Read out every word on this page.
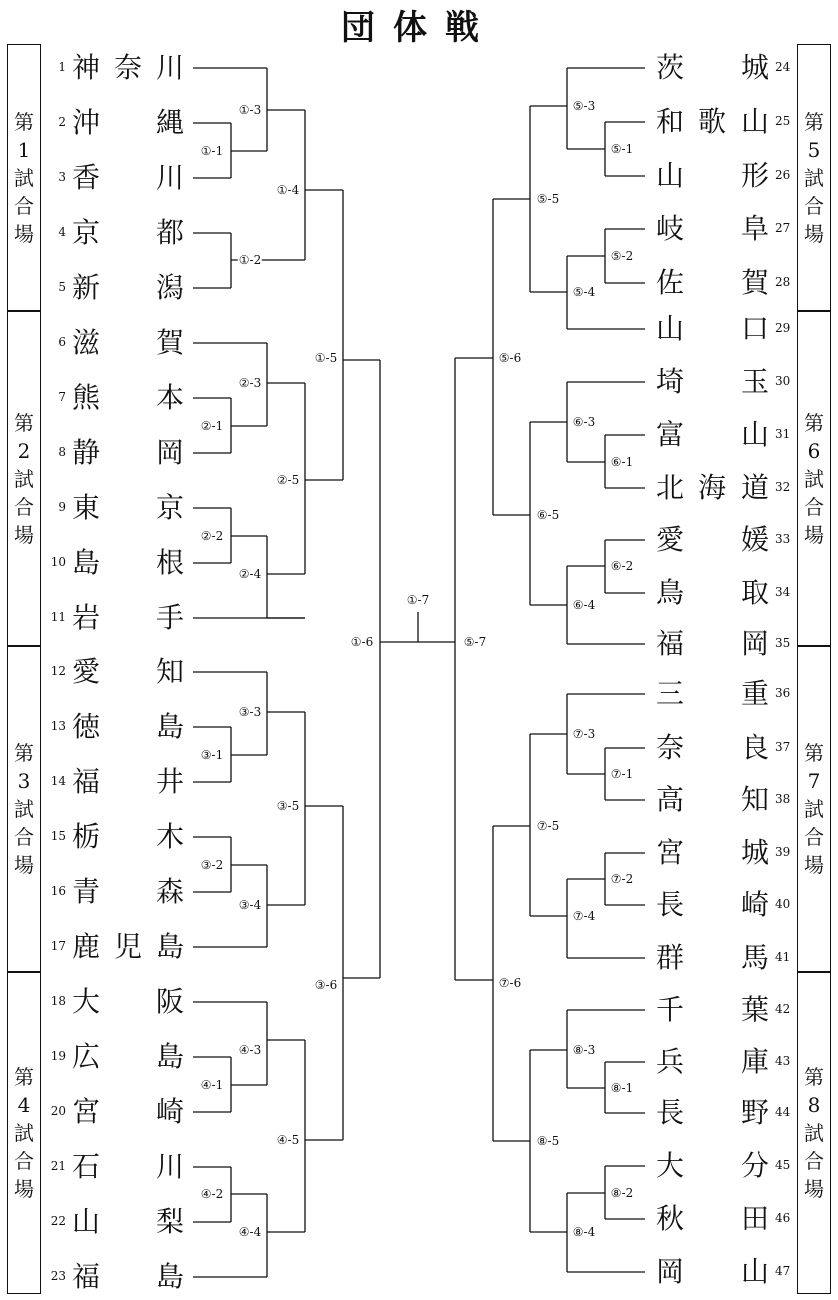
団体戦
第
1
試
合
場
第
2
試
合
場
第
3
試
合
場
第
4
試
合
場
第
5
試
合
場
第
6
試
合
場
第
7
試
合
場
第
8
試
合
場
1 神 奈 川
2 沖 縄
3 香 川
4 京 都
5 新 潟
6 滋 賀
7 熊 本
8 静 岡
9 東 京
10 島 根
11 岩 手
12 愛 知
13 徳 島
14 福 井
15 栃 木
16 青 森
17 鹿 児 島
18 大 阪
19 広 島
20 宮 崎
21 石 川
22 山 梨
23 福 島
24
茨 城
25
和 歌 山
26
山 形
27
岐 阜
28
佐 賀
29
山 口
30
埼 玉
31
富 山
32
北 海 道
33
愛 媛
34
鳥 取
35
福 岡
36
三 重
37
奈 良
38
高 知
39
宮 城
40
長 崎
41
群 馬
42
千 葉
43
兵 庫
44
長 野
45
大 分
46
秋 田
47
岡 山
①-1
①-3
①-2
①-4
②-1
②-3
②-2
②-4
②-5
①-5
③-1
③-3
③-2
③-4
③-5
④-1
④-3
④-2
④-4
④-5
③-6
①-6
①-7
⑤-1
⑤-3
⑤-2
⑤-4
⑤-5
⑥-1
⑥-3
⑥-2
⑥-4
⑥-5
⑤-6
⑦-1
⑦-3
⑦-2
⑦-4
⑦-5
⑧-1
⑧-3
⑧-2
⑧-4
⑧-5
⑦-6
⑤-7
